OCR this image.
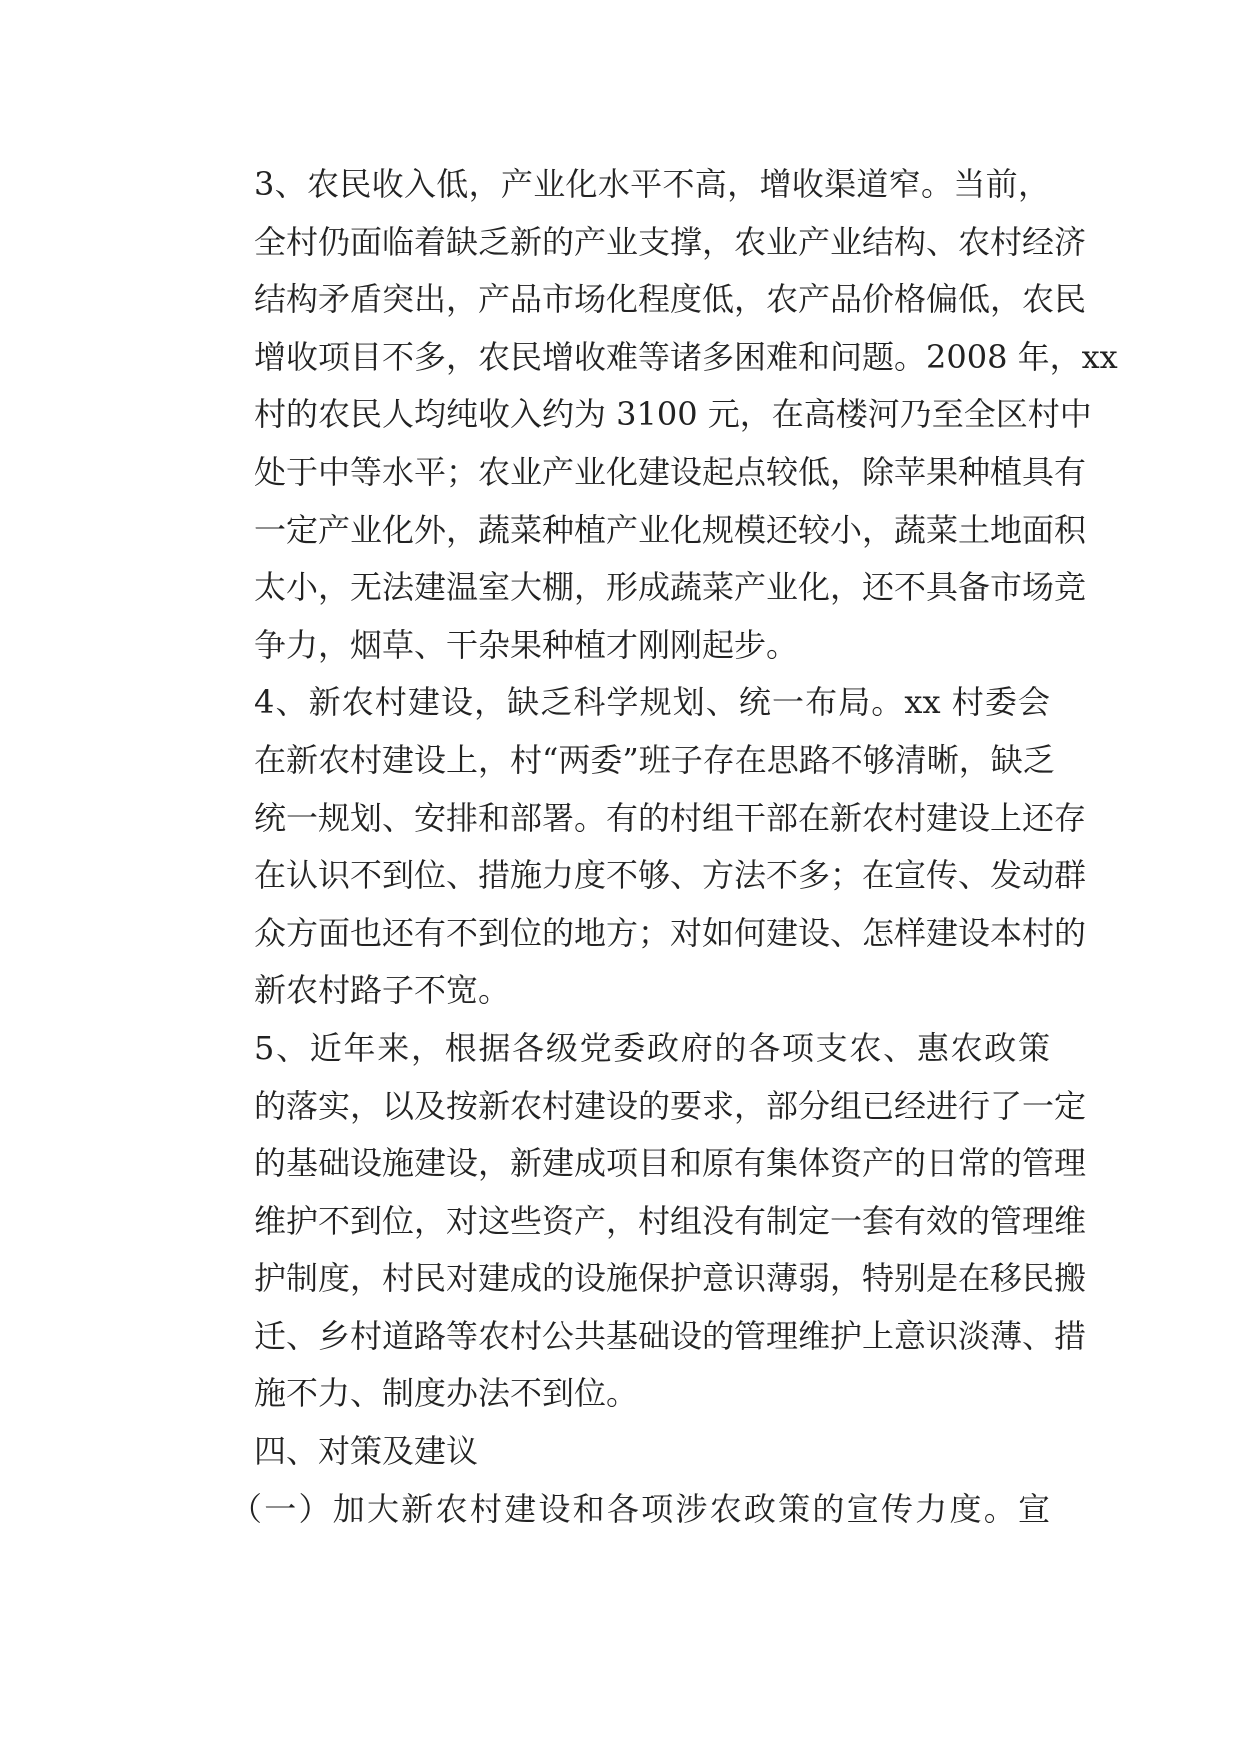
3、农民收入低，产业化水平不高，增收渠道窄。当前，
全村仍面临着缺乏新的产业支撑，农业产业结构、农村经济
结构矛盾突出，产品市场化程度低，农产品价格偏低，农民
增收项目不多，农民增收难等诸多困难和问题。2008 年，xx
村的农民人均纯收入约为 3100 元，在高楼河乃至全区村中
处于中等水平；农业产业化建设起点较低，除苹果种植具有
一定产业化外，蔬菜种植产业化规模还较小，蔬菜土地面积
太小，无法建温室大棚，形成蔬菜产业化，还不具备市场竞
争力，烟草、干杂果种植才刚刚起步。

4、新农村建设，缺乏科学规划、统一布局。xx 村委会
在新农村建设上，村“两委”班子存在思路不够清晰，缺乏
统一规划、安排和部署。有的村组干部在新农村建设上还存
在认识不到位、措施力度不够、方法不多；在宣传、发动群
众方面也还有不到位的地方；对如何建设、怎样建设本村的
新农村路子不宽。

5、近年来，根据各级党委政府的各项支农、惠农政策
的落实，以及按新农村建设的要求，部分组已经进行了一定
的基础设施建设，新建成项目和原有集体资产的日常的管理
维护不到位，对这些资产，村组没有制定一套有效的管理维
护制度，村民对建成的设施保护意识薄弱，特别是在移民搬
迁、乡村道路等农村公共基础设的管理维护上意识淡薄、措
施不力、制度办法不到位。

四、对策及建议

（一）加大新农村建设和各项涉农政策的宣传力度。宣
